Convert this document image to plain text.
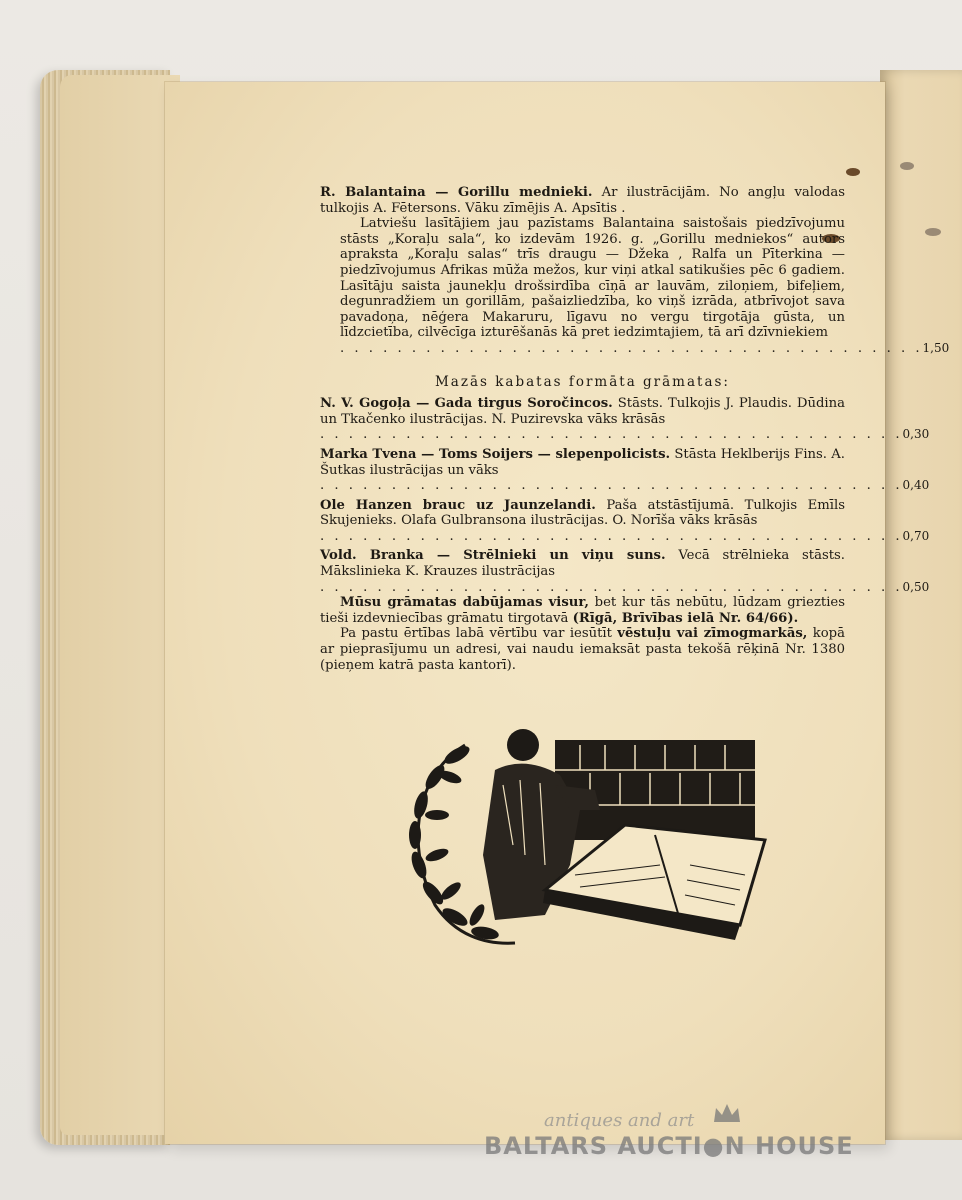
R. Balantaina — Gorillu mednieki. Ar ilustrācijām. No angļu valodas tulkojis A. Fētersons. Vāku zīmējis A. Apsītis .

Latviešu lasītājiem jau pazīstams Balantaina saistošais piedzīvojumu stāsts „Koraļu sala“, ko izdevām 1926. g. „Gorillu medniekos“ autors apraksta „Koraļu salas“ trīs draugu — Džeka , Ralfa un Pīterkina — piedzīvojumus Afrikas mūža mežos, kur viņi atkal satikušies pēc 6 gadiem. Lasītāju saista jaunekļu drošsirdība cīņā ar lauvām, ziloņiem, bifeļiem, degunradžiem un gorillām, pašaizliedzība, ko viņš izrāda, atbrīvojot sava pavadoņa, nēģera Makaruru, līgavu no vergu tirgotāja gūsta, un līdzcietība, cilvēcīga izturēšanās kā pret iedzimtajiem, tā arī dzīvniekiem

. . . . . . . . . . . . . . . . . . . . . . . . . . . . . . . . . . . . . . . . . 1,50
Mazās kabatas formāta grāmatas:

N. V. Gogoļa — Gada tirgus Soročincos. Stāsts. Tulkojis J. Plaudis. Dūdina un Tkačenko ilustrācijas. N. Puzirevska vāks krāsās

. . . . . . . . . . . . . . . . . . . . . . . . . . . . . . . . . . . . . . . . . 0,30

Marka Tvena — Toms Soijers — slepenpolicists. Stāsta Heklberijs Fins. A. Šutkas ilustrācijas un vāks

. . . . . . . . . . . . . . . . . . . . . . . . . . . . . . . . . . . . . . . . . 0,40

Ole Hanzen brauc uz Jaunzelandi. Paša atstāstījumā. Tulkojis Emīls Skujenieks. Olafa Gulbransona ilustrācijas. O. Norīša vāks krāsās

. . . . . . . . . . . . . . . . . . . . . . . . . . . . . . . . . . . . . . . . . 0,70

Vold. Branka — Strēlnieki un viņu suns. Vecā strēlnieka stāsts. Mākslinieka K. Krauzes ilustrācijas

. . . . . . . . . . . . . . . . . . . . . . . . . . . . . . . . . . . . . . . . . 0,50

Mūsu grāmatas dabūjamas visur, bet kur tās nebūtu, lūdzam griezties tieši izdevniecības grāmatu tirgotavā (Rīgā, Brīvības ielā Nr. 64/66).

Pa pastu ērtības labā vērtību var iesūtīt vēstuļu vai zīmogmarkās, kopā ar pieprasījumu un adresi, vai naudu iemaksāt pasta tekošā rēķinā Nr. 1380 (pieņem katrā pasta kantorī).

antiques and art
BALTARS AUCTI●N HOUSE
